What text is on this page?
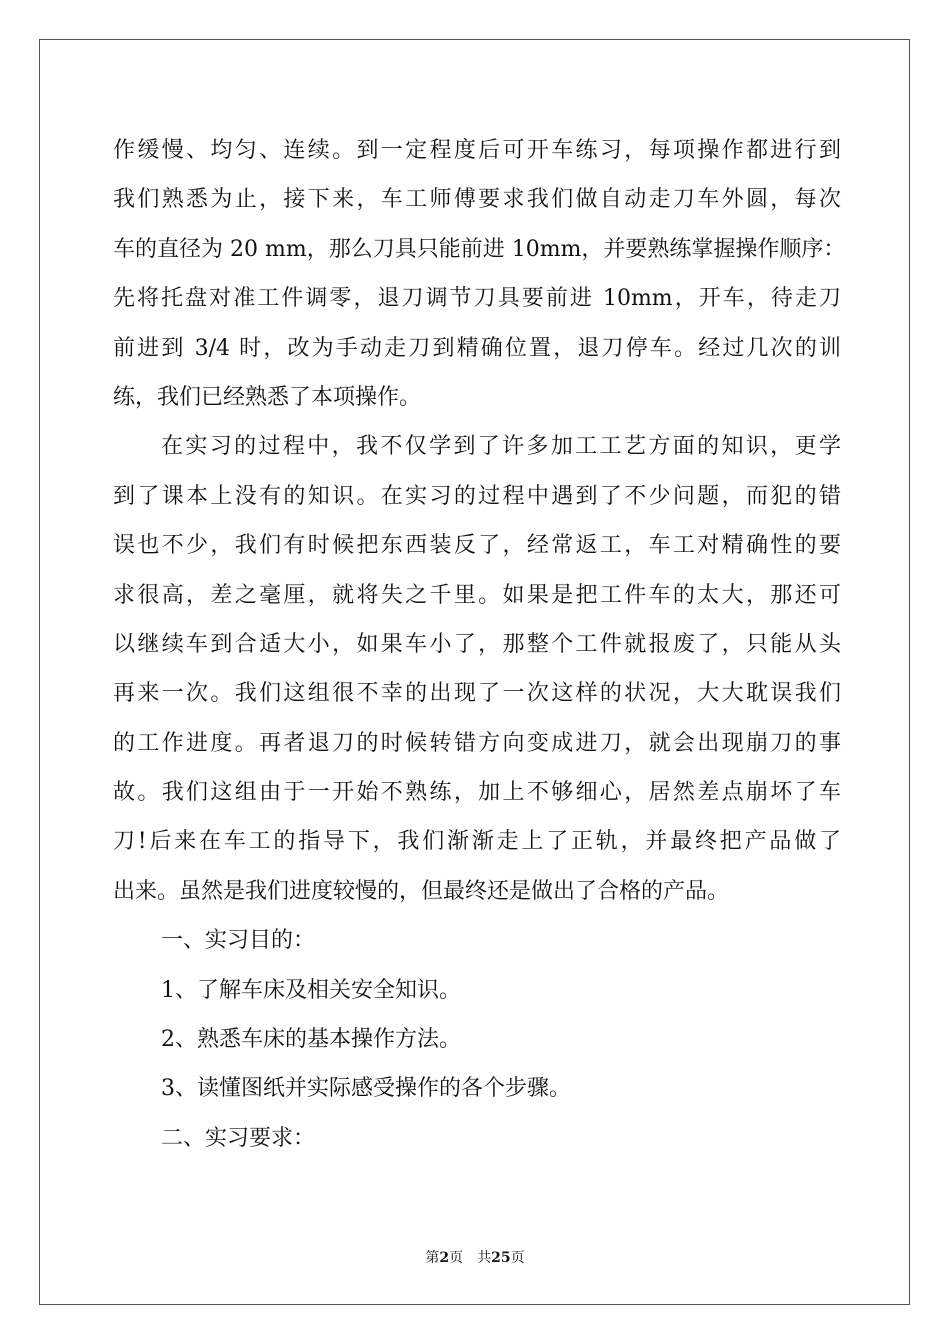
作缓慢、均匀、连续。到一定程度后可开车练习，每项操作都进行到
我们熟悉为止，接下来，车工师傅要求我们做自动走刀车外圆，每次
车的直径为 20 mm，那么刀具只能前进 10mm，并要熟练掌握操作顺序：
先将托盘对准工件调零，退刀调节刀具要前进 10mm，开车，待走刀
前进到 3/4 时，改为手动走刀到精确位置，退刀停车。经过几次的训
练，我们已经熟悉了本项操作。
在实习的过程中，我不仅学到了许多加工工艺方面的知识，更学
到了课本上没有的知识。在实习的过程中遇到了不少问题，而犯的错
误也不少，我们有时候把东西装反了，经常返工，车工对精确性的要
求很高，差之毫厘，就将失之千里。如果是把工件车的太大，那还可
以继续车到合适大小，如果车小了，那整个工件就报废了，只能从头
再来一次。我们这组很不幸的出现了一次这样的状况，大大耽误我们
的工作进度。再者退刀的时候转错方向变成进刀，就会出现崩刀的事
故。我们这组由于一开始不熟练，加上不够细心，居然差点崩坏了车
刀!后来在车工的指导下，我们渐渐走上了正轨，并最终把产品做了
出来。虽然是我们进度较慢的，但最终还是做出了合格的产品。
一、实习目的：
1、了解车床及相关安全知识。
2、熟悉车床的基本操作方法。
3、读懂图纸并实际感受操作的各个步骤。
二、实习要求：
第2页 共25页
